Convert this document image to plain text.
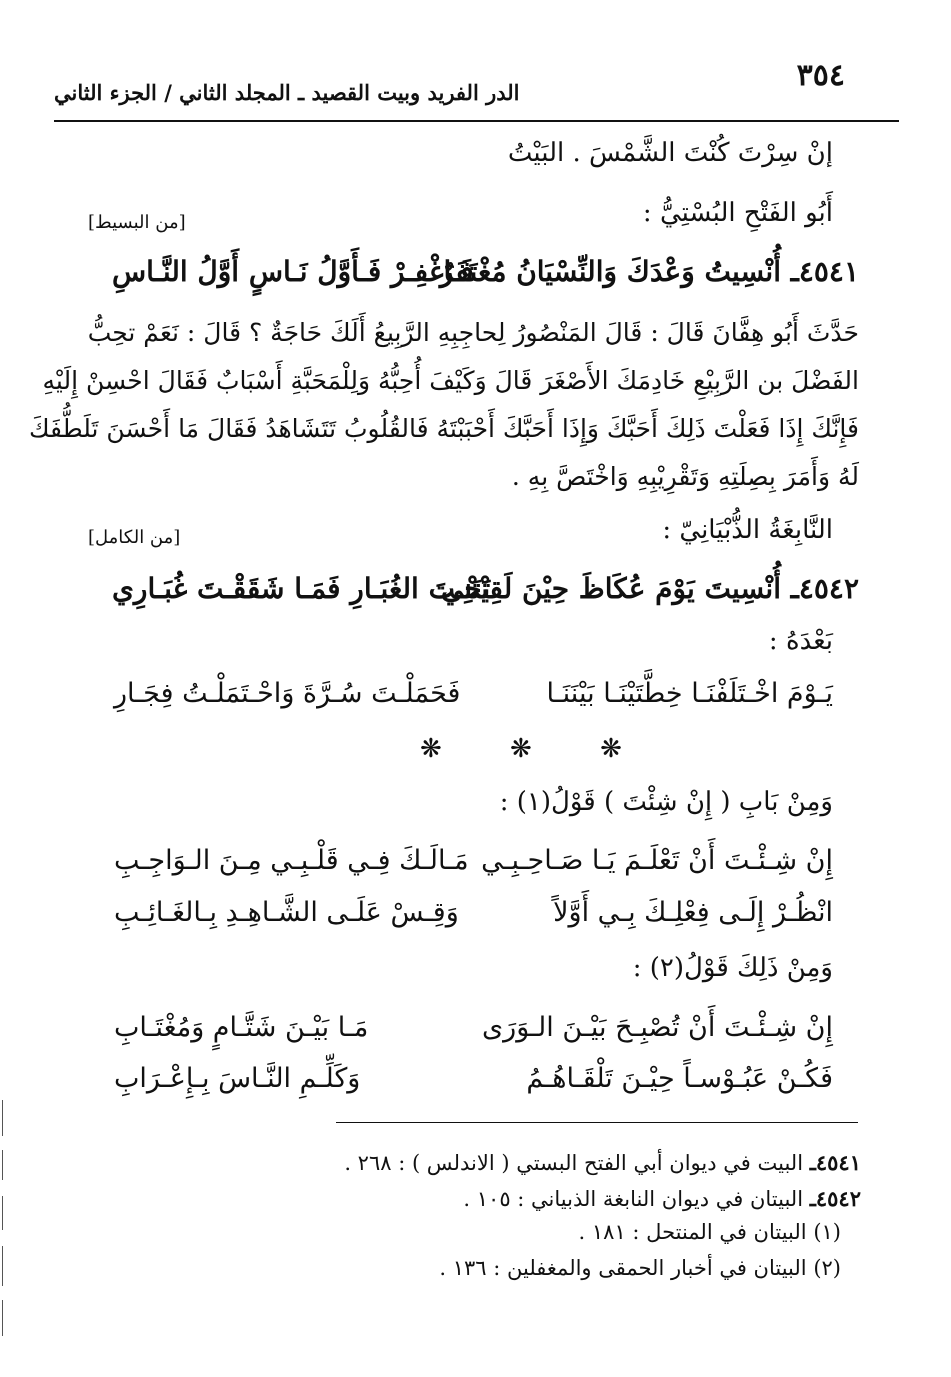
٣٥٤
الدر الفريد وبيت القصيد ـ المجلد الثاني / الجزء الثاني
إنْ سِرْتَ كُنْتَ الشَّمْسَ . البَيْتُ
أَبُو الفَتْحِ البُسْتِيُّ :
[من البسيط]
٤٥٤١ـ
أُنْسِيتُ وَعْدَكَ وَالنِّسْيَانُ مُغْتَفَرٌ
فَـاغْفِـرْ فَـأَوَّلُ نَـاسٍ أَوَّلُ النَّـاسِ
حَدَّثَ أَبُو هِفَّانَ قَالَ : قَالَ المَنْصُورُ لِحاجِبِهِ الرَّبِيعُ أَلَكَ حَاجَةٌ ؟ قَالَ : نَعَمْ تحِبُّ
الفَضْلَ بن الرَّبِيْعِ خَادِمَكَ الأَصْغَرَ قَالَ وَكَيْفَ أُحِبُّهُ وَلِلْمَحَبَّةِ أَسْبَابٌ فَقَالَ احْسِنْ إِلَيْهِ
فَإِنَّكَ إِذَا فَعَلْتَ ذَلِكَ أَحَبَّكَ وَإِذَا أَحَبَّكَ أَحْبَبْتَهُ فَالقُلُوبُ تَتَشَاهَدُ فَقَالَ مَا أَحْسَنَ تَلَطُّفَكَ
لَهُ وَأَمَرَ بِصِلَتِهِ وَتَقْرِيْبِهِ وَاخْتَصَّ بِهِ .
النَّابِغَةُ الذُّبْيَانِيّ :
[من الكامل]
٤٥٤٢ـ
أُنْسِيتَ يَوْمَ عُكَاظَ حِيْنَ لَقِيْتَنِي
تَحْـتَ الغُبَـارِ فَمَـا شَقَقْـتَ غُبَـارِي
بَعْدَهُ :
يَـوْمَ اخْـتَلَفْنَـا خِطَّتَيْنَـا بَيْنَنَـا
فَحَمَلْـتَ سُـرَّةَ وَاحْـتَمَلْـتُ فِجَـارِ
❋ ❋ ❋
وَمِنْ بَابِ ( إِنْ شِئْتَ ) قَوْلُ(١) :
إِنْ شِـئْـتَ أَنْ تَعْلَـمَ يَـا صَـاحِـبِـي
مَـالَـكَ فِـي قَلْـبِـي مِـنَ الـوَاجِـبِ
انْظُـرْ إِلَـى فِعْلِـكَ بِـي أَوَّلاً
وَقِـسْ عَلَـى الشَّـاهِـدِ بِـالغَـائِـبِ
وَمِنْ ذَلِكَ قَوْلُ(٢) :
إِنْ شِـئْـتَ أَنْ تُصْبِـحَ بَيْـنَ الـوَرَى
مَـا بَيْـنَ شَتَّـامٍ وَمُغْتَـابِ
فَكُـنْ عَبُـوْسـاً حِيْـنَ تَلْقَـاهُـمُ
وَكَلِّـمِ النَّـاسَ بِـإِعْـرَابِ
٤٥٤١ـ البيت في ديوان أبي الفتح البستي ( الاندلس ) : ٢٦٨ .
٤٥٤٢ـ البيتان في ديوان النابغة الذبياني : ١٠٥ .
(١) البيتان في المنتحل : ١٨١ .
(٢) البيتان في أخبار الحمقى والمغفلين : ١٣٦ .
